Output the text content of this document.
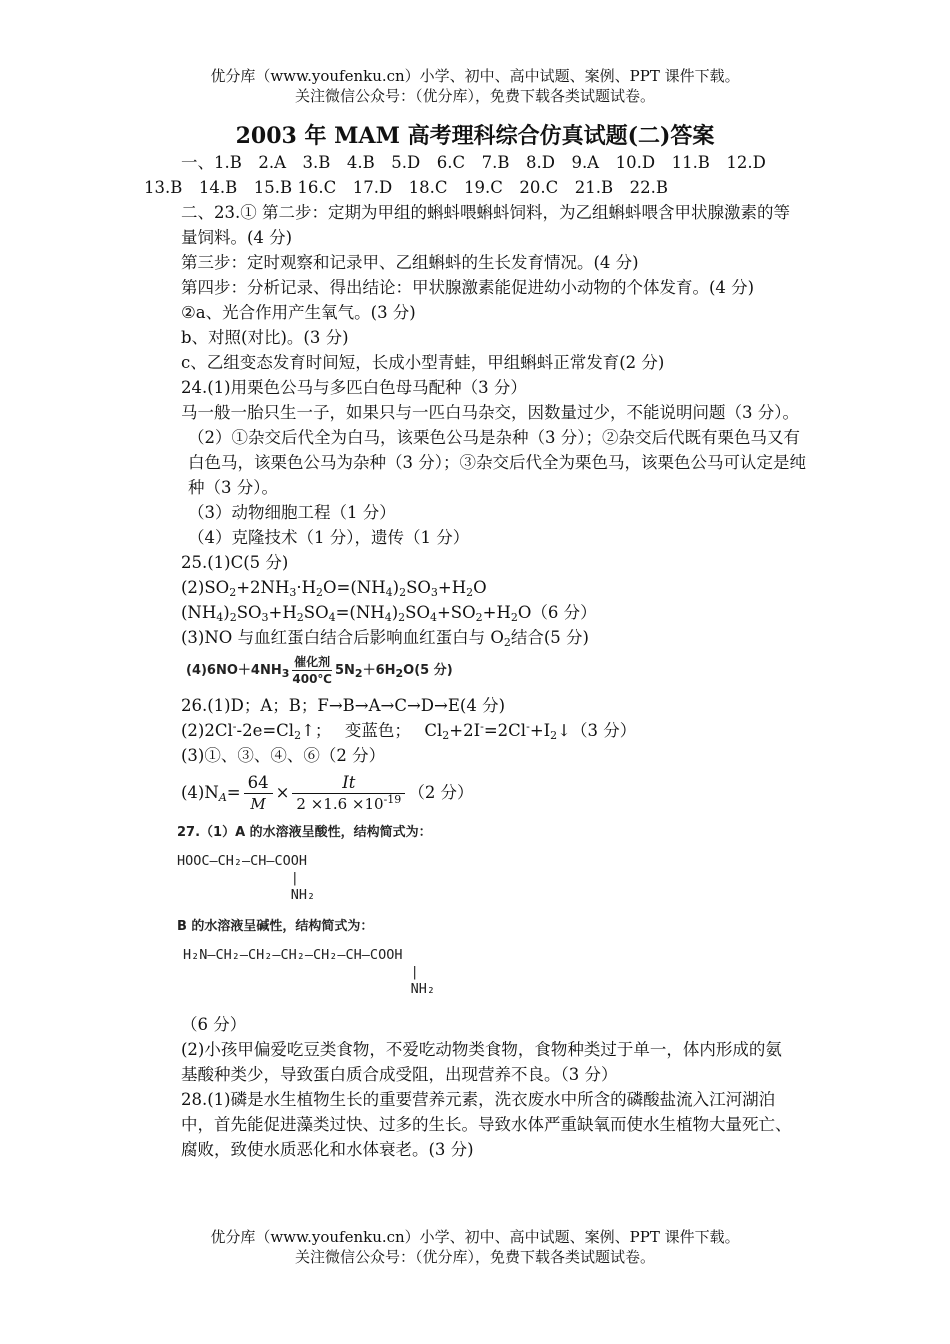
优分库（www.youfenku.cn）小学、初中、高中试题、案例、PPT 课件下载。
关注微信公众号：（优分库），免费下载各类试题试卷。
2003 年 MAM 高考理科综合仿真试题(二)答案
一、1.B　2.A　3.B　4.B　5.D　6.C　7.B　8.D　9.A　10.D　11.B　12.D
13.B　14.B　15.B 16.C　17.D　18.C　19.C　20.C　21.B　22.B
二、23.① 第二步：定期为甲组的蝌蚪喂蝌蚪饲料，为乙组蝌蚪喂含甲状腺激素的等量饲料。(4 分)
第三步：定时观察和记录甲、乙组蝌蚪的生长发育情况。(4 分)
第四步：分析记录、得出结论：甲状腺激素能促进幼小动物的个体发育。(4 分)
②a、光合作用产生氧气。(3 分)
b、对照(对比)。(3 分)
c、乙组变态发育时间短，长成小型青蛙，甲组蝌蚪正常发育(2 分)
24.(1)用栗色公马与多匹白色母马配种（3 分）
马一般一胎只生一子，如果只与一匹白马杂交，因数量过少，不能说明问题（3 分）。
（2）①杂交后代全为白马，该栗色公马是杂种（3 分）；②杂交后代既有栗色马又有白色马，该栗色公马为杂种（3 分）；③杂交后代全为栗色马，该栗色公马可认定是纯种（3 分）。
（3）动物细胞工程（1 分）
（4）克隆技术（1 分），遗传（1 分）
25.(1)C(5 分)
$(2)SO_2+2NH_3\cdot H_2O=(NH_4)_2SO_3+H_2O$
$(NH_4)_2SO_3+H_2SO_4=(NH_4)_2SO_4+SO_2+H_2O(6$ 分）
(3)NO 与血红蛋白结合后影响血红蛋白与 $O_2$结合(5 分)
$(4)6NO+4NH_3$
催化剂
400℃
$5N_2+6H_2O(5$ 分)
26.(1)D；A；B；F→B→A→C→D→E(4 分)
$(2)2Cl^--2e=Cl_2↑$；　 变蓝色；　 $Cl_2+2I^-=2Cl^-+I_2↓(3$ 分）
(3)①、③、④、⑥（2 分）
$(4)N_A= \frac{64}{M} \times \frac{It}{2 \times 1.6 \times 10^{-19}} (2$ 分）
27.（1）A 的水溶液呈酸性，结构简式为：
HOOC—CH₂—CH—COOH
|
NH₂
B 的水溶液呈碱性，结构简式为：
H₂N—CH₂—CH₂—CH₂—CH₂—CH—COOH
|
NH₂
（6 分）
(2)小孩甲偏爱吃豆类食物，不爱吃动物类食物，食物种类过于单一，体内形成的氨
基酸种类少，导致蛋白质合成受阻，出现营养不良。（3 分）
28.(1)磷是水生植物生长的重要营养元素，洗衣废水中所含的磷酸盐流入江河湖泊中，首先能促进藻类过快、过多的生长。导致水体严重缺氧而使水生植物大量死亡、腐败，致使水质恶化和水体衰老。(3 分)
优分库（www.youfenku.cn）小学、初中、高中试题、案例、PPT 课件下载。
关注微信公众号：（优分库），免费下载各类试题试卷。
